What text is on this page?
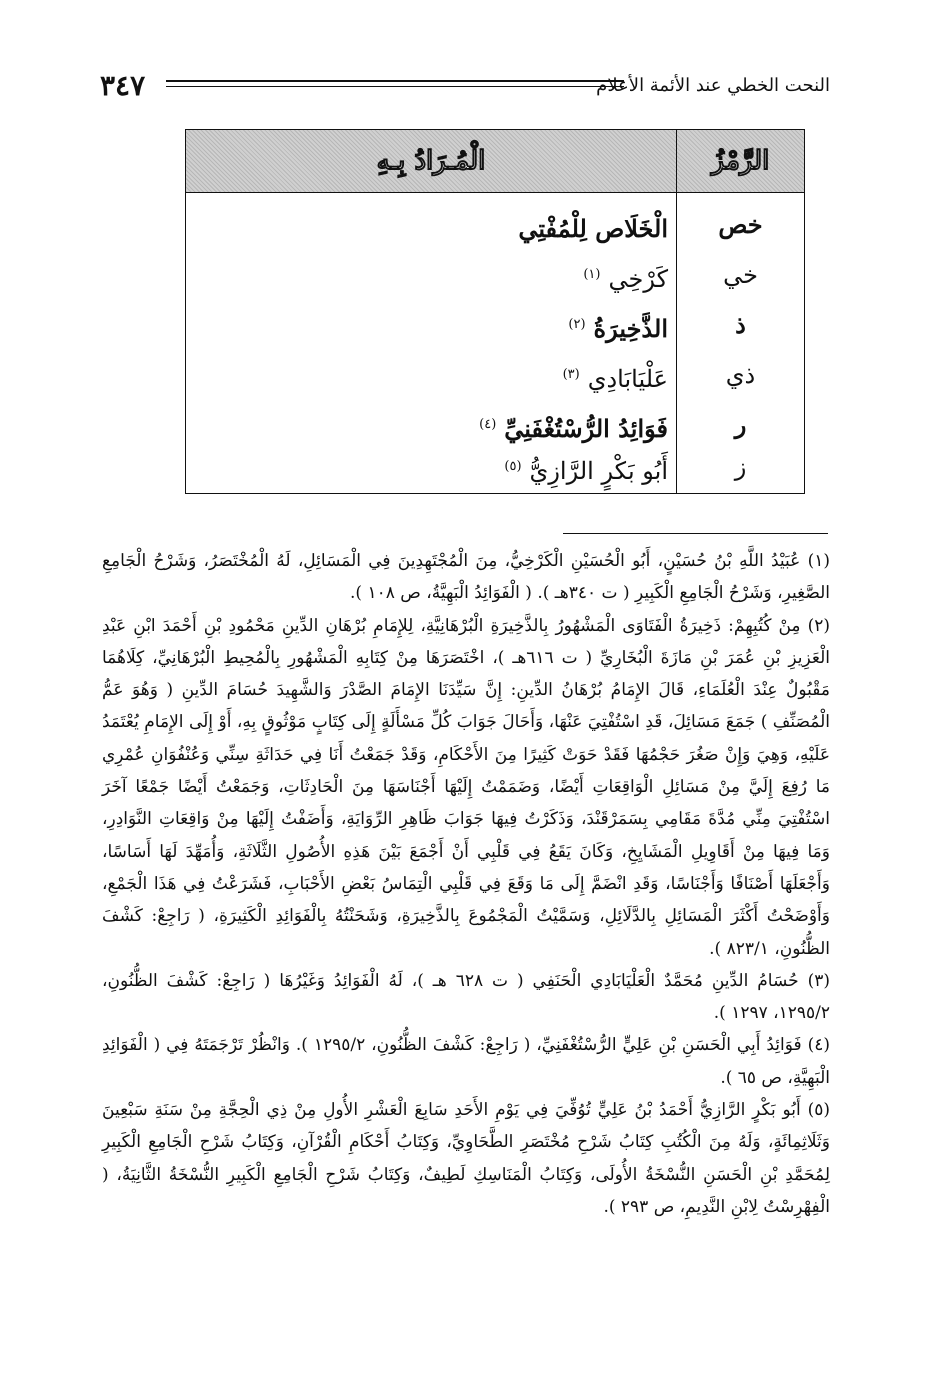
٣٤٧	النحت الخطي عند الأئمة الأعلام
الْمُـرَادُ بِـهِ	الرَّمْزُ
خص
الْخَلَاص لِلْمُفْتِي
خي
كَرْخِي$^{(١)}$
ذ
الذَّخِيرَةُ$^{(٢)}$
ذي
عَلْيَابَادِي$^{(٣)}$
ر
فَوَائِدُ الرُّسْتُغْفَنِيِّ$^{(٤)}$
ز
أَبُو بَكْرٍ الرَّازِيُّ$^{(٥)}$

(١) عُبَيْدُ اللَّهِ بْنُ حُسَيْنٍ، أَبُو الْحُسَيْنِ الْكَرْخِيُّ، مِنَ الْمُجْتَهِدِينَ فِي الْمَسَائِلِ، لَهُ الْمُخْتَصَرُ، وَشَرْحُ الْجَامِعِ الصَّغِيرِ، وَشَرْحُ الْجَامِعِ الْكَبِيرِ ( ت ٣٤٠هـ ). ( الْفَوَائِدُ الْبَهِيَّةُ، ص ١٠٨ ).

(٢) مِنْ كُتُبِهِمْ: ذَخِيرَةُ الْفَتَاوَى الْمَشْهُورُ بِالذَّخِيرَةِ الْبُرْهَانِيَّةِ، لِلإِمَامِ بُرْهَانِ الدِّينِ مَحْمُودِ بْنِ أَحْمَدَ ابْنِ عَبْدِ الْعَزِيزِ بْنِ عُمَرَ بْنِ مَازَةَ الْبُخَارِيِّ ( ت ٦١٦هـ )، اخْتَصَرَهَا مِنْ كِتَابِهِ الْمَشْهُورِ بِالْمُحِيطِ الْبُرْهَانِيِّ، كِلَاهُمَا مَقْبُولٌ عِنْدَ الْعُلَمَاءِ، قَالَ الإِمَامُ بُرْهَانُ الدِّينِ: إِنَّ سَيِّدَنَا الإِمَامَ الصَّدْرَ وَالشَّهِيدَ حُسَامَ الدِّينِ ( وَهُوَ عَمُّ الْمُصَنِّفِ ) جَمَعَ مَسَائِلَ، قَدِ اسْتُفْتِيَ عَنْهَا، وَأَحَالَ جَوَابَ كُلِّ مَسْأَلَةٍ إِلَى كِتَابٍ مَوْثُوقٍ بِهِ، أَوْ إِلَى الإِمَامِ يُعْتَمَدُ عَلَيْهِ، وَهِيَ وَإِنْ صَغُرَ حَجْمُهَا فَقَدْ حَوَتْ كَثِيرًا مِنَ الأَحْكَامِ، وَقَدْ جَمَعْتُ أَنَا فِي حَدَاثَةِ سِنِّي وَعُنْفُوَانِ عُمْرِي مَا رُفِعَ إِلَيَّ مِنْ مَسَائِلِ الْوَاقِعَاتِ أَيْضًا، وَضَمَمْتُ إِلَيْهَا أَجْنَاسَهَا مِنَ الْحَادِثَاتِ، وَجَمَعْتُ أَيْضًا جَمْعًا آخَرَ اسْتُفْتِيَ مِنِّي مُدَّةَ مَقَامِي بِسَمَرْقَنْدَ، وَذَكَرْتُ فِيهَا جَوَابَ ظَاهِرِ الرِّوَايَةِ، وَأَضَفْتُ إِلَيْهَا مِنْ وَاقِعَاتِ النَّوَادِرِ، وَمَا فِيهَا مِنْ أَقَاوِيلِ الْمَشَايِخِ، وَكَانَ يَقَعُ فِي قَلْبِي أَنْ أَجْمَعَ بَيْنَ هَذِهِ الأُصُولِ الثَّلَاثَةِ، وَأُمَهِّدَ لَهَا أَسَاسًا، وَأَجْعَلَهَا أَصْنَافًا وَأَجْنَاسًا، وَقَدِ انْضَمَّ إِلَى مَا وَقَعَ فِي قَلْبِي الْتِمَاسُ بَعْضِ الأَحْبَابِ، فَشَرَعْتُ فِي هَذَا الْجَمْعِ، وَأَوْضَحْتُ أَكْثَرَ الْمَسَائِلِ بِالدَّلَائِلِ، وَسَمَّيْتُ الْمَجْمُوعَ بِالذَّخِيرَةِ، وَشَحَنْتُهُ بِالْفَوَائِدِ الْكَثِيرَةِ، ( رَاجِعْ: كَشْفَ الظُّنُونِ، ٨٢٣/١ ).

(٣) حُسَامُ الدِّينِ مُحَمَّدٌ الْعَلْيَابَادِي الْحَنَفِي ( ت ٦٢٨ هـ )، لَهُ الْفَوَائِدُ وَغَيْرُهَا ( رَاجِعْ: كَشْفَ الظُّنُونِ، ١٢٩٥/٢، ١٢٩٧ ).

(٤) فَوَائِدُ أَبِي الْحَسَنِ بْنِ عَلِيٍّ الرُّسْتُغْفَنِيِّ، ( رَاجِعْ: كَشْفَ الظُّنُونِ، ١٢٩٥/٢ ). وَانْظُرْ تَرْجَمَتَهُ فِي ( الْفَوَائِدِ الْبَهِيَّةِ، ص ٦٥ ).

(٥) أَبُو بَكْرٍ الرَّازِيُّ أَحْمَدُ بْنُ عَلِيٍّ تُوُفِّيَ فِي يَوْمِ الأَحَدِ سَابِعَ الْعَشْرِ الأُولِ مِنْ ذِي الْحِجَّةِ مِنْ سَنَةِ سَبْعِينَ وَثَلَاثِمِائَةٍ، وَلَهُ مِنَ الْكُتُبِ كِتَابُ شَرْحِ مُخْتَصَرِ الطَّحَاوِيِّ، وَكِتَابُ أَحْكَامِ الْقُرْآنِ، وَكِتَابُ شَرْحِ الْجَامِعِ الْكَبِيرِ لِمُحَمَّدِ بْنِ الْحَسَنِ النُّسْخَةُ الأُولَى، وَكِتَابُ الْمَنَاسِكِ لَطِيفٌ، وَكِتَابُ شَرْحِ الْجَامِعِ الْكَبِيرِ النُّسْخَةُ الثَّانِيَةُ، ( الْفِهْرِسْتُ لِابْنِ النَّدِيمِ، ص ٢٩٣ ).
